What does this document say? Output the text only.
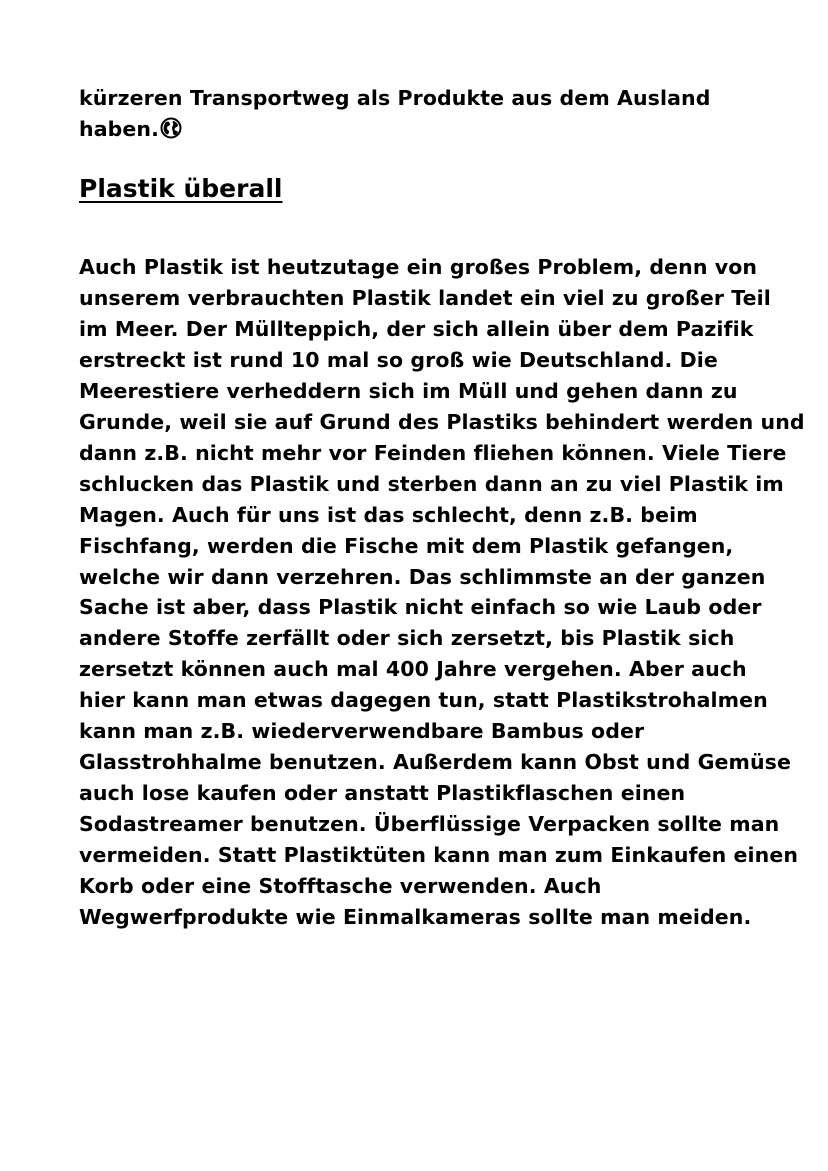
kürzeren Transportweg als Produkte aus dem Ausland
haben.

Plastik überall

Auch Plastik ist heutzutage ein großes Problem, denn von
unserem verbrauchten Plastik landet ein viel zu großer Teil
im Meer. Der Müllteppich, der sich allein über dem Pazifik
erstreckt ist rund 10 mal so groß wie Deutschland. Die
Meerestiere verheddern sich im Müll und gehen dann zu
Grunde, weil sie auf Grund des Plastiks behindert werden und
dann z.B. nicht mehr vor Feinden fliehen können. Viele Tiere
schlucken das Plastik und sterben dann an zu viel Plastik im
Magen. Auch für uns ist das schlecht, denn z.B. beim
Fischfang, werden die Fische mit dem Plastik gefangen,
welche wir dann verzehren. Das schlimmste an der ganzen
Sache ist aber, dass Plastik nicht einfach so wie Laub oder
andere Stoffe zerfällt oder sich zersetzt, bis Plastik sich
zersetzt können auch mal 400 Jahre vergehen. Aber auch
hier kann man etwas dagegen tun, statt Plastikstrohalmen
kann man z.B. wiederverwendbare Bambus oder
Glasstrohhalme benutzen. Außerdem kann Obst und Gemüse
auch lose kaufen oder anstatt Plastikflaschen einen
Sodastreamer benutzen. Überflüssige Verpacken sollte man
vermeiden. Statt Plastiktüten kann man zum Einkaufen einen
Korb oder eine Stofftasche verwenden. Auch
Wegwerfprodukte wie Einmalkameras sollte man meiden.
